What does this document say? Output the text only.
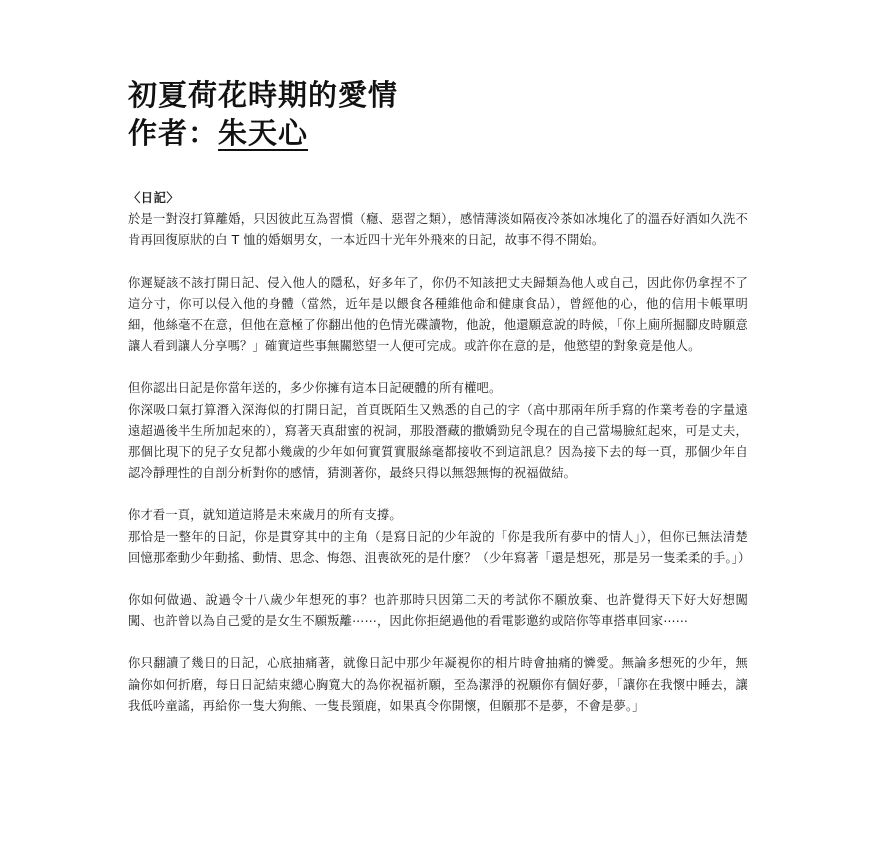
初夏荷花時期的愛情
作者：朱天心
〈日記〉

於是一對沒打算離婚，只因彼此互為習慣（癮、惡習之類），感情薄淡如隔夜冷茶如冰塊化了的溫吞好酒如久洗不肯再回復原狀的白 T 恤的婚姻男女，一本近四十光年外飛來的日記，故事不得不開始。

你遲疑該不該打開日記、侵入他人的隱私，好多年了，你仍不知該把丈夫歸類為他人或自己，因此你仍拿捏不了這分寸，你可以侵入他的身體（當然，近年是以餵食各種維他命和健康食品），曾經他的心，他的信用卡帳單明細，他絲毫不在意，但他在意極了你翻出他的色情光碟讀物，他說，他還願意說的時候，「你上廁所掘腳皮時願意讓人看到讓人分享嗎？」確實這些事無關慾望一人便可完成。或許你在意的是，他慾望的對象竟是他人。

但你認出日記是你當年送的，多少你擁有這本日記硬體的所有權吧。

你深吸口氣打算潛入深海似的打開日記，首頁既陌生又熟悉的自己的字（高中那兩年所手寫的作業考卷的字量遠遠超過後半生所加起來的），寫著天真甜蜜的祝詞，那股潛藏的撒嬌勁兒令現在的自己當場臉紅起來，可是丈夫，那個比現下的兒子女兒都小幾歲的少年如何實質實服絲毫都接收不到這訊息？因為接下去的每一頁，那個少年自認冷靜理性的自剖分析對你的感情，猜測著你，最終只得以無怨無悔的祝福做結。

你才看一頁，就知道這將是未來歲月的所有支撐。

那恰是一整年的日記，你是貫穿其中的主角（是寫日記的少年說的「你是我所有夢中的情人」），但你已無法清楚回憶那牽動少年動搖、動情、思念、悔怨、沮喪欲死的是什麼？（少年寫著「還是想死，那是另一隻柔柔的手。」）

你如何做過、說過令十八歲少年想死的事？也許那時只因第二天的考試你不願放棄、也許覺得天下好大好想闖闖、也許曾以為自己愛的是女生不願叛離⋯⋯，因此你拒絕過他的看電影邀約或陪你等車搭車回家⋯⋯

你只翻讀了幾日的日記，心底抽痛著，就像日記中那少年凝視你的相片時會抽痛的憐愛。無論多想死的少年，無論你如何折磨，每日日記結束總心胸寬大的為你祝福祈願，至為潔淨的祝願你有個好夢，「讓你在我懷中睡去，讓我低吟童謠，再給你一隻大狗熊、一隻長頸鹿，如果真令你開懷，但願那不是夢，不會是夢。」
